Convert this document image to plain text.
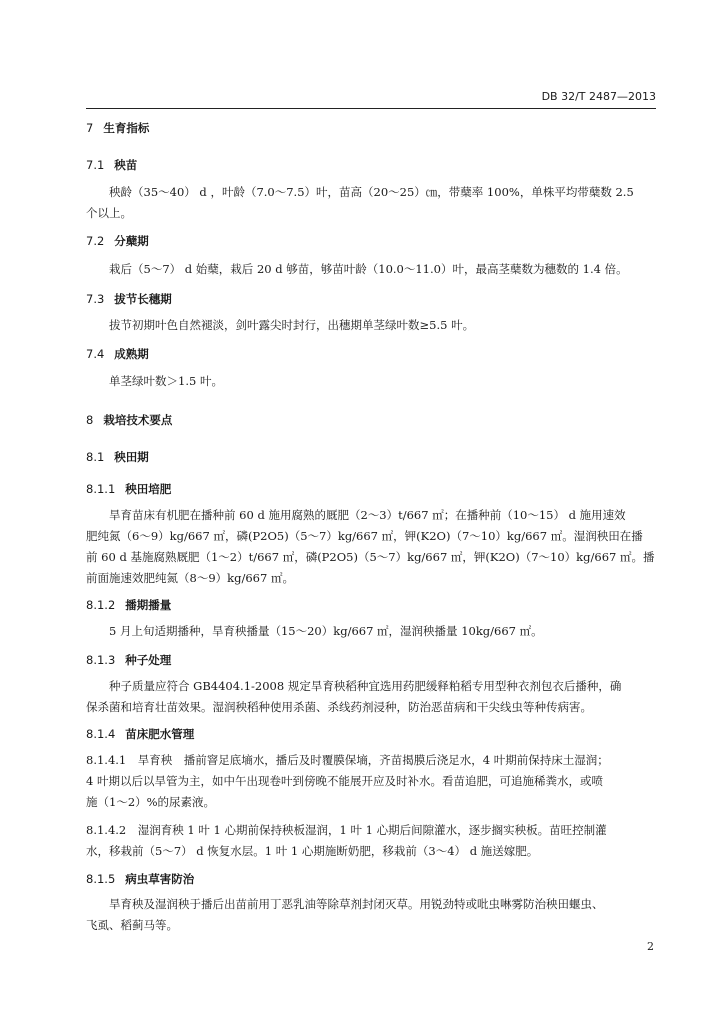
DB 32/T 2487—2013
7 生育指标
7.1 秧苗

秧龄（35～40） d ，叶龄（7.0～7.5）叶，苗高（20～25）㎝，带蘖率 100%，单株平均带蘖数 2.5

个以上。

7.2 分蘖期

栽后（5～7） d 始蘖，栽后 20 d 够苗，够苗叶龄（10.0～11.0）叶，最高茎蘖数为穗数的 1.4 倍。

7.3 拔节长穗期

拔节初期叶色自然褪淡，剑叶露尖时封行，出穗期单茎绿叶数≥5.5 叶。

7.4 成熟期

单茎绿叶数＞1.5 叶。

8 栽培技术要点
8.1 秧田期
8.1.1 秧田培肥

旱育苗床有机肥在播种前 60 d 施用腐熟的厩肥（2～3）t/667 ㎡；在播种前（10～15） d 施用速效

肥纯氮（6～9）kg/667 ㎡，磷(P2O5)（5～7）kg/667 ㎡，钾(K2O)（7～10）kg/667 ㎡。湿润秧田在播

前 60 d 基施腐熟厩肥（1～2）t/667 ㎡，磷(P2O5)（5～7）kg/667 ㎡，钾(K2O)（7～10）kg/667 ㎡。播

前面施速效肥纯氮（8～9）kg/667 ㎡。

8.1.2 播期播量

5 月上旬适期播种，旱育秧播量（15～20）kg/667 ㎡，湿润秧播量 10kg/667 ㎡。

8.1.3 种子处理

种子质量应符合 GB4404.1-2008 规定旱育秧稻种宜选用药肥缓释粕稻专用型种衣剂包衣后播种，确

保杀菌和培育壮苗效果。湿润秧稻种使用杀菌、杀线药剂浸种，防治恶苗病和干尖线虫等种传病害。

8.1.4 苗床肥水管理

8.1.4.1　旱育秧　播前窨足底墒水，播后及时覆膜保墒，齐苗揭膜后浇足水，4 叶期前保持床土湿润；

4 叶期以后以旱管为主，如中午出现卷叶到傍晚不能展开应及时补水。看苗追肥，可追施稀粪水，或喷

施（1～2）%的尿素液。

8.1.4.2　湿润育秧 1 叶 1 心期前保持秧板湿润，1 叶 1 心期后间隙灌水，逐步搁实秧板。苗旺控制灌

水，移栽前（5～7） d 恢复水层。1 叶 1 心期施断奶肥，移栽前（3～4） d 施送嫁肥。

8.1.5 病虫草害防治

旱育秧及湿润秧于播后出苗前用丁恶乳油等除草剂封闭灭草。用锐劲特或吡虫啉雾防治秧田蝘虫、

飞虱、稻蓟马等。

2
